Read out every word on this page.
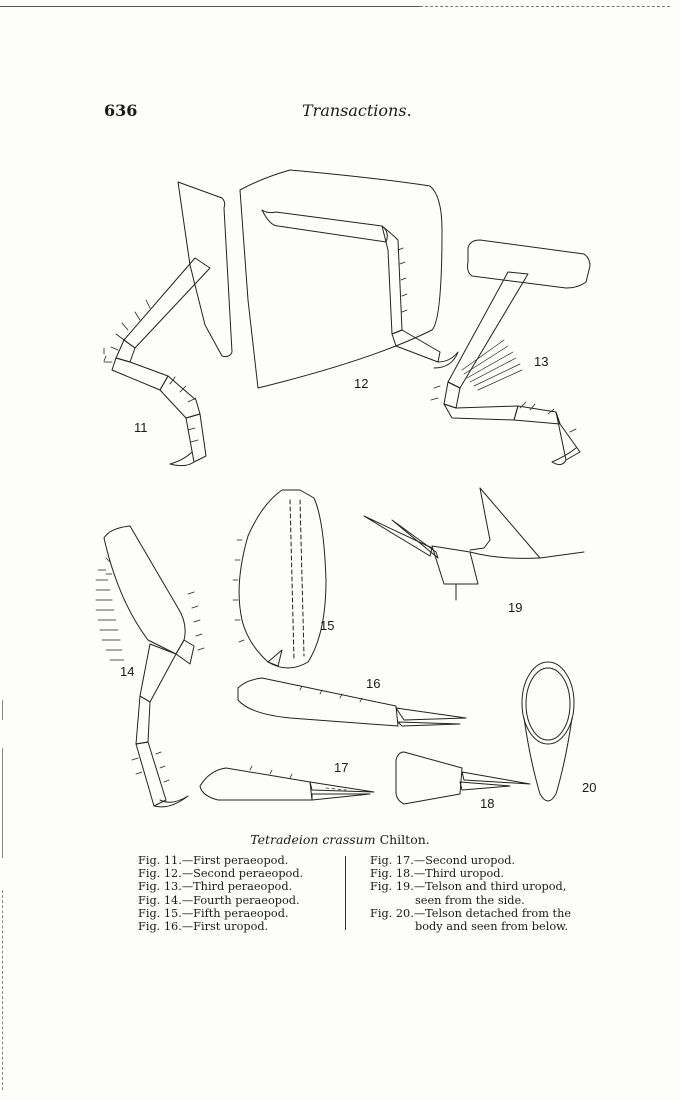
636	Transactions.
11
12
13
14
15
16
17
18
19
20
Tetradeion crassum Chilton.
Fig. 11.—First peraeopod.
Fig. 12.—Second peraeopod.
Fig. 13.—Third peraeopod.
Fig. 14.—Fourth peraeopod.
Fig. 15.—Fifth peraeopod.
Fig. 16.—First uropod.
Fig. 17.—Second uropod.
Fig. 18.—Third uropod.
Fig. 19.—Telson and third uropod,
seen from the side.
Fig. 20.—Telson detached from the
body and seen from below.
